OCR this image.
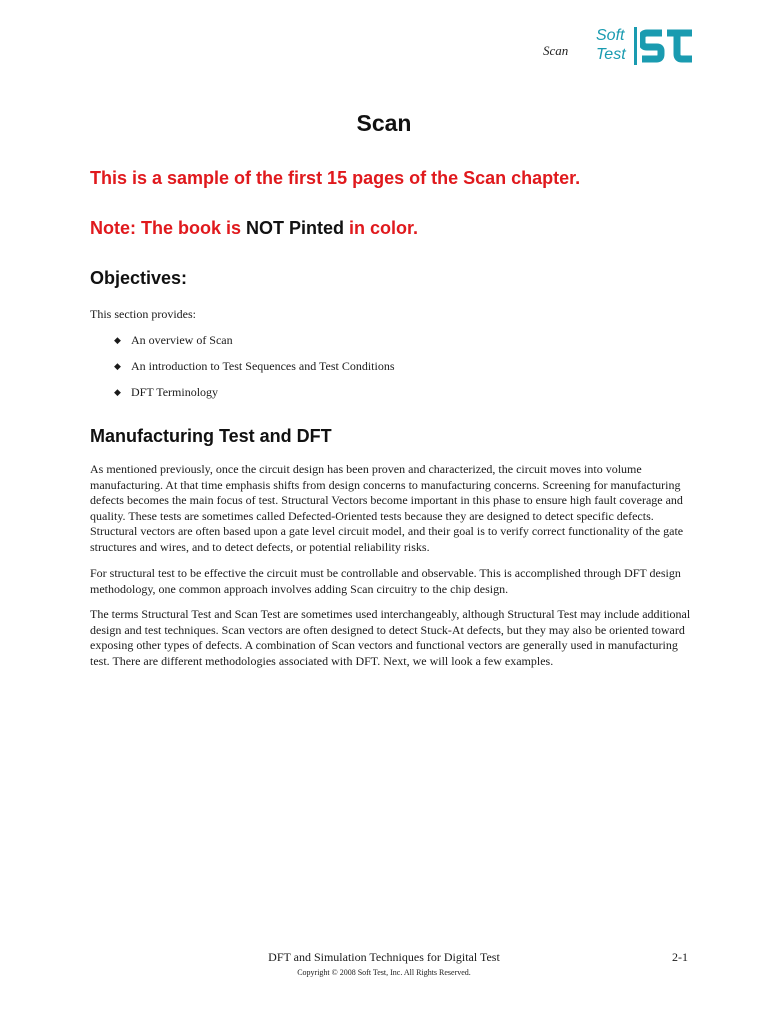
Scan
Soft
Test
Scan
This is a sample of the first 15 pages of the Scan chapter.
Note: The book is NOT Pinted in color.
Objectives:
This section provides:
◆ An overview of Scan
◆ An introduction to Test Sequences and Test Conditions
◆ DFT Terminology
Manufacturing Test and DFT
As mentioned previously, once the circuit design has been proven and characterized, the circuit moves into volume manufacturing. At that time emphasis shifts from design concerns to manufacturing concerns. Screening for manufacturing defects becomes the main focus of test. Structural Vectors become important in this phase to ensure high fault coverage and quality. These tests are sometimes called Defected-Oriented tests because they are designed to detect specific defects. Structural vectors are often based upon a gate level circuit model, and their goal is to verify correct functionality of the gate structures and wires, and to detect defects, or potential reliability risks.
For structural test to be effective the circuit must be controllable and observable. This is accomplished through DFT design methodology, one common approach involves adding Scan circuitry to the chip design.
The terms Structural Test and Scan Test are sometimes used interchangeably, although Structural Test may include additional design and test techniques. Scan vectors are often designed to detect Stuck-At defects, but they may also be oriented toward exposing other types of defects. A combination of Scan vectors and functional vectors are generally used in manufacturing test. There are different methodologies associated with DFT. Next, we will look a few examples.
DFT and Simulation Techniques for Digital Test	2-1
Copyright © 2008 Soft Test, Inc. All Rights Reserved.
